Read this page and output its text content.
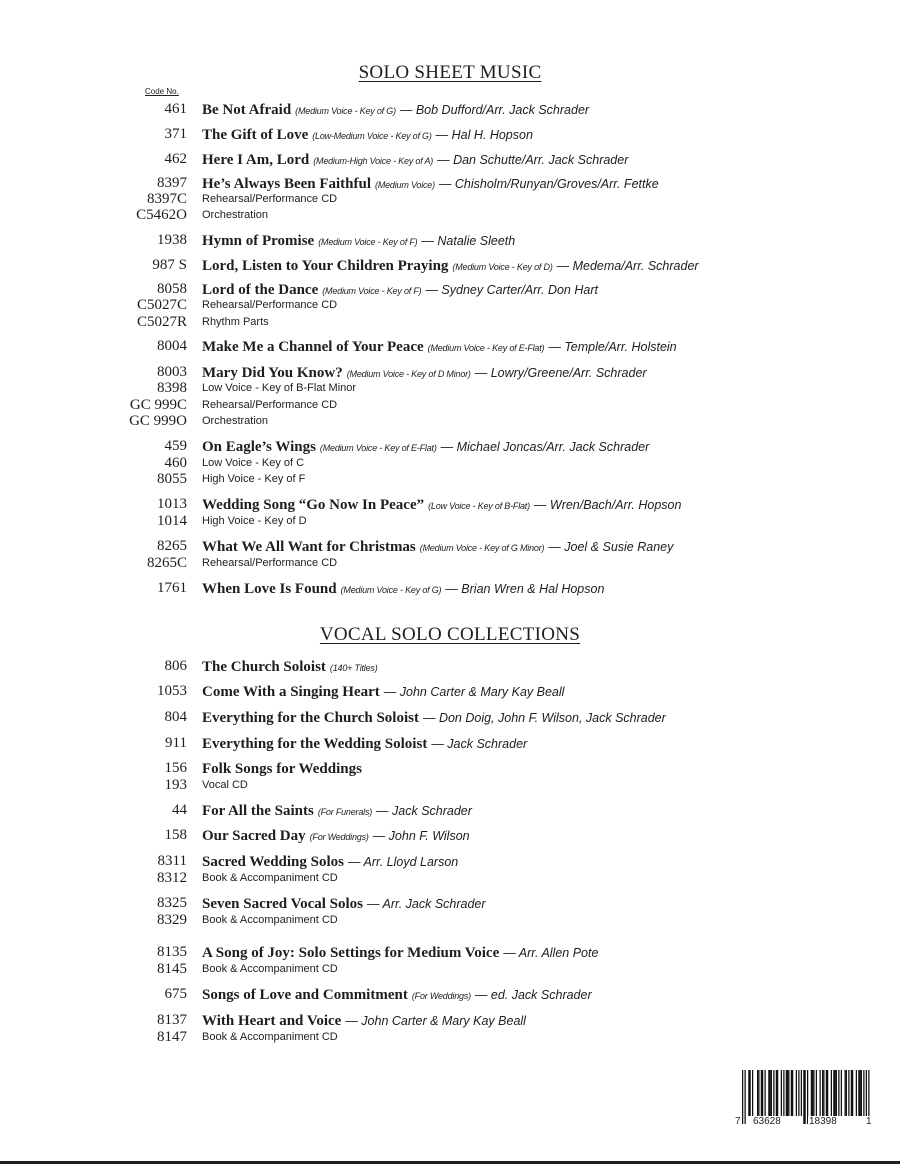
SOLO SHEET MUSIC
Code No.
461 Be Not Afraid (Medium Voice - Key of G) — Bob Dufford/Arr. Jack Schrader
371 The Gift of Love (Low-Medium Voice - Key of G) — Hal H. Hopson
462 Here I Am, Lord (Medium-High Voice - Key of A) — Dan Schutte/Arr. Jack Schrader
8397 He’s Always Been Faithful (Medium Voice) — Chisholm/Runyan/Groves/Arr. Fettke
8397C Rehearsal/Performance CD
C5462O Orchestration
1938 Hymn of Promise (Medium Voice - Key of F) — Natalie Sleeth
987 S Lord, Listen to Your Children Praying (Medium Voice - Key of D) — Medema/Arr. Schrader
8058 Lord of the Dance (Medium Voice - Key of F) — Sydney Carter/Arr. Don Hart
C5027C Rehearsal/Performance CD
C5027R Rhythm Parts
8004 Make Me a Channel of Your Peace (Medium Voice - Key of E-Flat) — Temple/Arr. Holstein
8003 Mary Did You Know? (Medium Voice - Key of D Minor) — Lowry/Greene/Arr. Schrader
8398 Low Voice - Key of B-Flat Minor
GC 999C Rehearsal/Performance CD
GC 999O Orchestration
459 On Eagle’s Wings (Medium Voice - Key of E-Flat) — Michael Joncas/Arr. Jack Schrader
460 Low Voice - Key of C
8055 High Voice - Key of F
1013 Wedding Song “Go Now In Peace” (Low Voice - Key of B-Flat) — Wren/Bach/Arr. Hopson
1014 High Voice - Key of D
8265 What We All Want for Christmas (Medium Voice - Key of G Minor) — Joel & Susie Raney
8265C Rehearsal/Performance CD
1761 When Love Is Found (Medium Voice - Key of G) — Brian Wren & Hal Hopson
VOCAL SOLO COLLECTIONS
806 The Church Soloist (140+ Titles)
1053 Come With a Singing Heart — John Carter & Mary Kay Beall
804 Everything for the Church Soloist — Don Doig, John F. Wilson, Jack Schrader
911 Everything for the Wedding Soloist — Jack Schrader
156 Folk Songs for Weddings
193 Vocal CD
44 For All the Saints (For Funerals) — Jack Schrader
158 Our Sacred Day (For Weddings) — John F. Wilson
8311 Sacred Wedding Solos — Arr. Lloyd Larson
8312 Book & Accompaniment CD
8325 Seven Sacred Vocal Solos — Arr. Jack Schrader
8329 Book & Accompaniment CD
8135 A Song of Joy: Solo Settings for Medium Voice — Arr. Allen Pote
8145 Book & Accompaniment CD
675 Songs of Love and Commitment (For Weddings) — ed. Jack Schrader
8137 With Heart and Voice — John Carter & Mary Kay Beall
8147 Book & Accompaniment CD
7 63628	18398	1
